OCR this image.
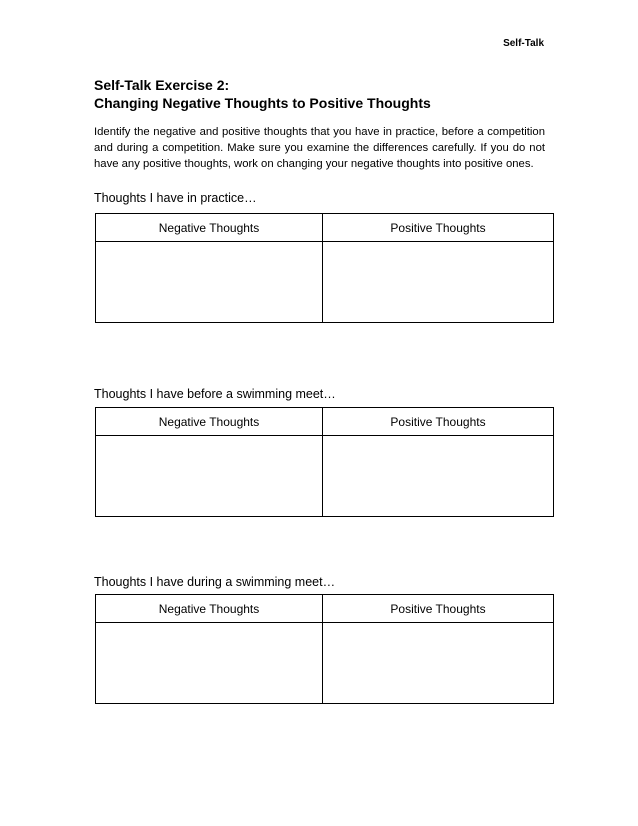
Self-Talk
Self-Talk Exercise 2:
Changing Negative Thoughts to Positive Thoughts
Identify the negative and positive thoughts that you have in practice, before a competition and during a competition. Make sure you examine the differences carefully. If you do not have any positive thoughts, work on changing your negative thoughts into positive ones.
Thoughts I have in practice…
Negative Thoughts	Positive Thoughts

Thoughts I have before a swimming meet…
Negative Thoughts	Positive Thoughts

Thoughts I have during a swimming meet…
Negative Thoughts	Positive Thoughts
